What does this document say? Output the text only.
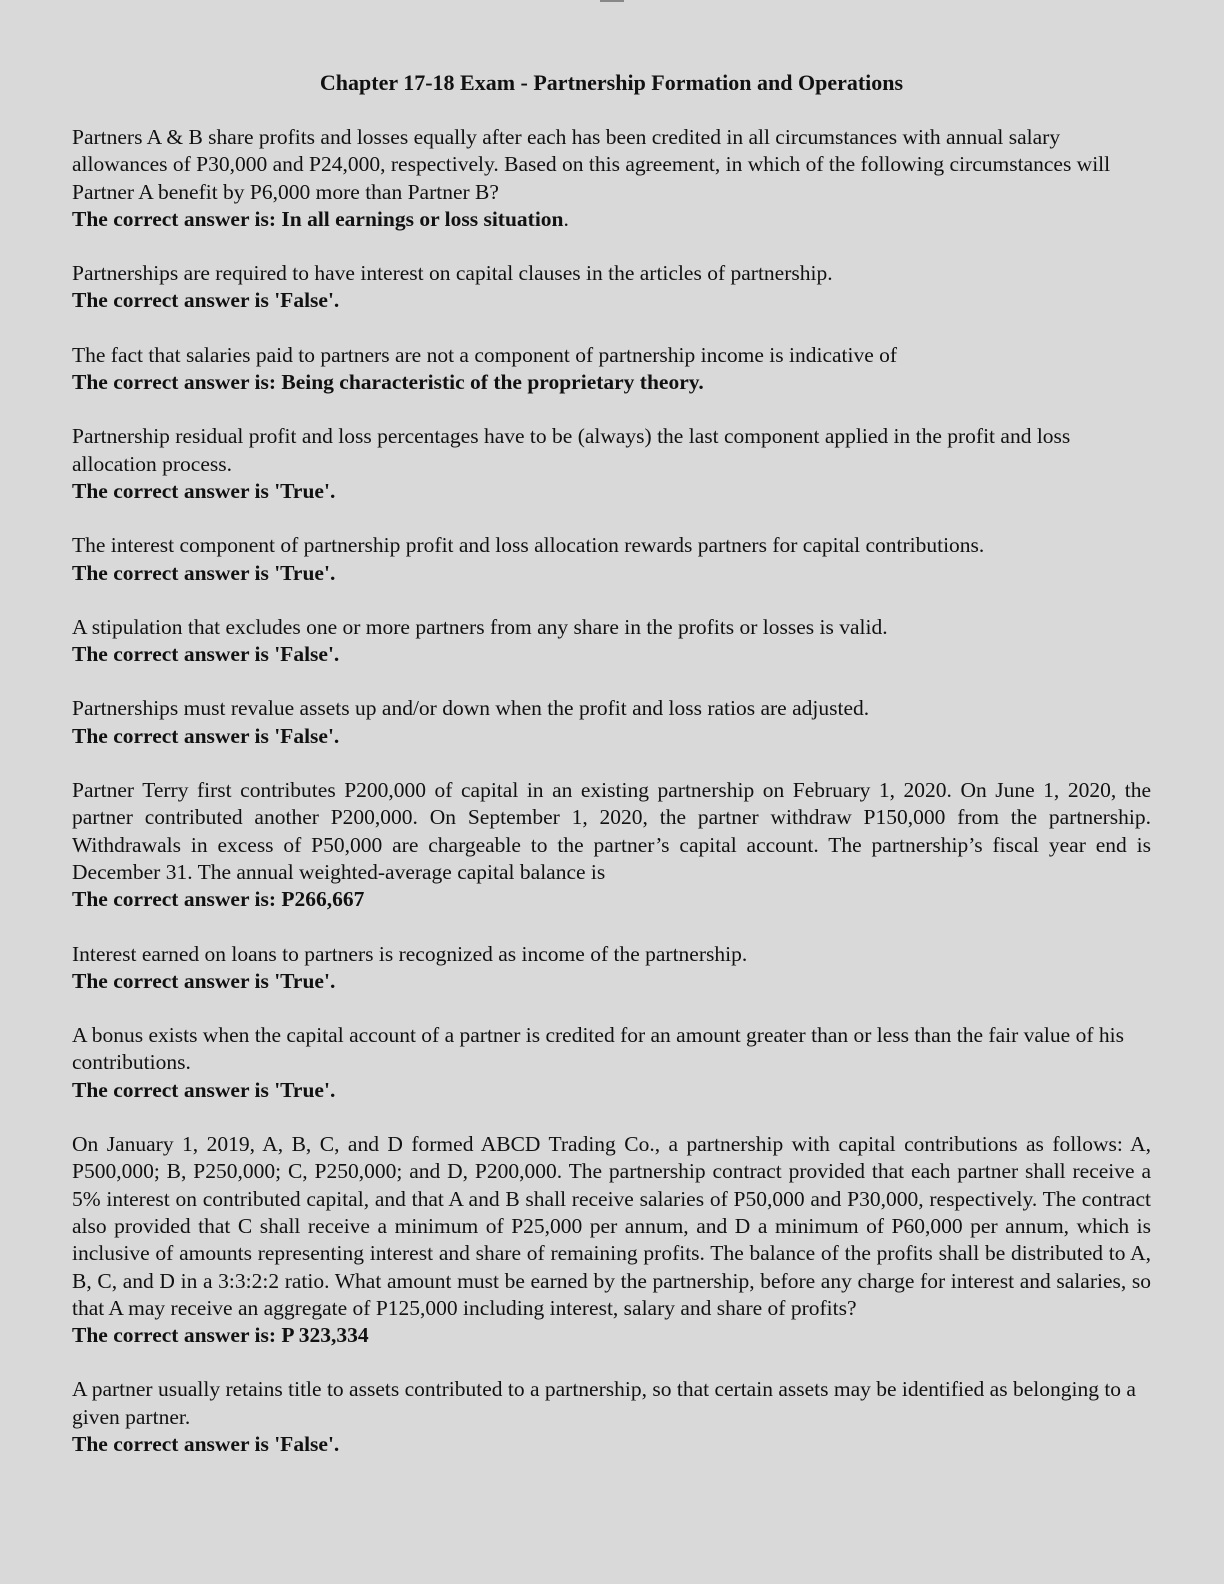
Chapter 17-18 Exam - Partnership Formation and Operations

Partners A & B share profits and losses equally after each has been credited in all circumstances with annual salary allowances of P30,000 and P24,000, respectively. Based on this agreement, in which of the following circumstances will Partner A benefit by P6,000 more than Partner B?

The correct answer is: In all earnings or loss situation.

Partnerships are required to have interest on capital clauses in the articles of partnership.

The correct answer is 'False'.

The fact that salaries paid to partners are not a component of partnership income is indicative of

The correct answer is: Being characteristic of the proprietary theory.

Partnership residual profit and loss percentages have to be (always) the last component applied in the profit and loss allocation process.

The correct answer is 'True'.

The interest component of partnership profit and loss allocation rewards partners for capital contributions.

The correct answer is 'True'.

A stipulation that excludes one or more partners from any share in the profits or losses is valid.

The correct answer is 'False'.

Partnerships must revalue assets up and/or down when the profit and loss ratios are adjusted.

The correct answer is 'False'.

Partner Terry first contributes P200,000 of capital in an existing partnership on February 1, 2020. On June 1, 2020, the partner contributed another P200,000. On September 1, 2020, the partner withdraw P150,000 from the partnership. Withdrawals in excess of P50,000 are chargeable to the partner’s capital account. The partnership’s fiscal year end is December 31. The annual weighted-average capital balance is

The correct answer is: P266,667

Interest earned on loans to partners is recognized as income of the partnership.

The correct answer is 'True'.

A bonus exists when the capital account of a partner is credited for an amount greater than or less than the fair value of his contributions.

The correct answer is 'True'.

On January 1, 2019, A, B, C, and D formed ABCD Trading Co., a partnership with capital contributions as follows: A, P500,000; B, P250,000; C, P250,000; and D, P200,000. The partnership contract provided that each partner shall receive a 5% interest on contributed capital, and that A and B shall receive salaries of P50,000 and P30,000, respectively. The contract also provided that C shall receive a minimum of P25,000 per annum, and D a minimum of P60,000 per annum, which is inclusive of amounts representing interest and share of remaining profits. The balance of the profits shall be distributed to A, B, C, and D in a 3:3:2:2 ratio. What amount must be earned by the partnership, before any charge for interest and salaries, so that A may receive an aggregate of P125,000 including interest, salary and share of profits?

The correct answer is: P 323,334

A partner usually retains title to assets contributed to a partnership, so that certain assets may be identified as belonging to a given partner.

The correct answer is 'False'.
